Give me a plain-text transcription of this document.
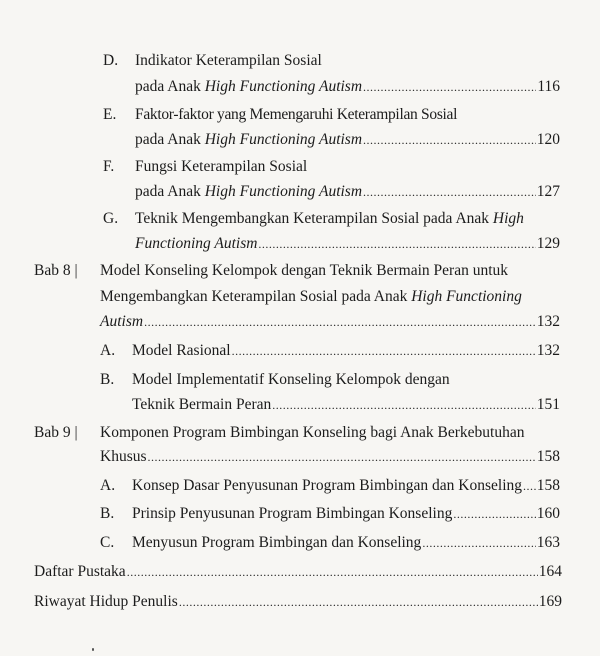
D. Indikator Keterampilan Sosial
pada Anak High Functioning Autism .....	116
E. Faktor-faktor yang Memengaruhi Keterampilan Sosial
pada Anak High Functioning Autism .....	120
F. Fungsi Keterampilan Sosial
pada Anak High Functioning Autism .....	127
G. Teknik Mengembangkan Keterampilan Sosial pada Anak High
Functioning Autism .....	129
Bab 8 | Model Konseling Kelompok dengan Teknik Bermain Peran untuk
Mengembangkan Keterampilan Sosial pada Anak High Functioning
Autism .....	132
A. Model Rasional .....	132
B. Model Implementatif Konseling Kelompok dengan
Teknik Bermain Peran .....	151
Bab 9 | Komponen Program Bimbingan Konseling bagi Anak Berkebutuhan
Khusus .....	158
A. Konsep Dasar Penyusunan Program Bimbingan dan Konseling ..... 158
B. Prinsip Penyusunan Program Bimbingan Konseling .....	160
C. Menyusun Program Bimbingan dan Konseling .....	163
Daftar Pustaka .....	164
Riwayat Hidup Penulis .....	169
